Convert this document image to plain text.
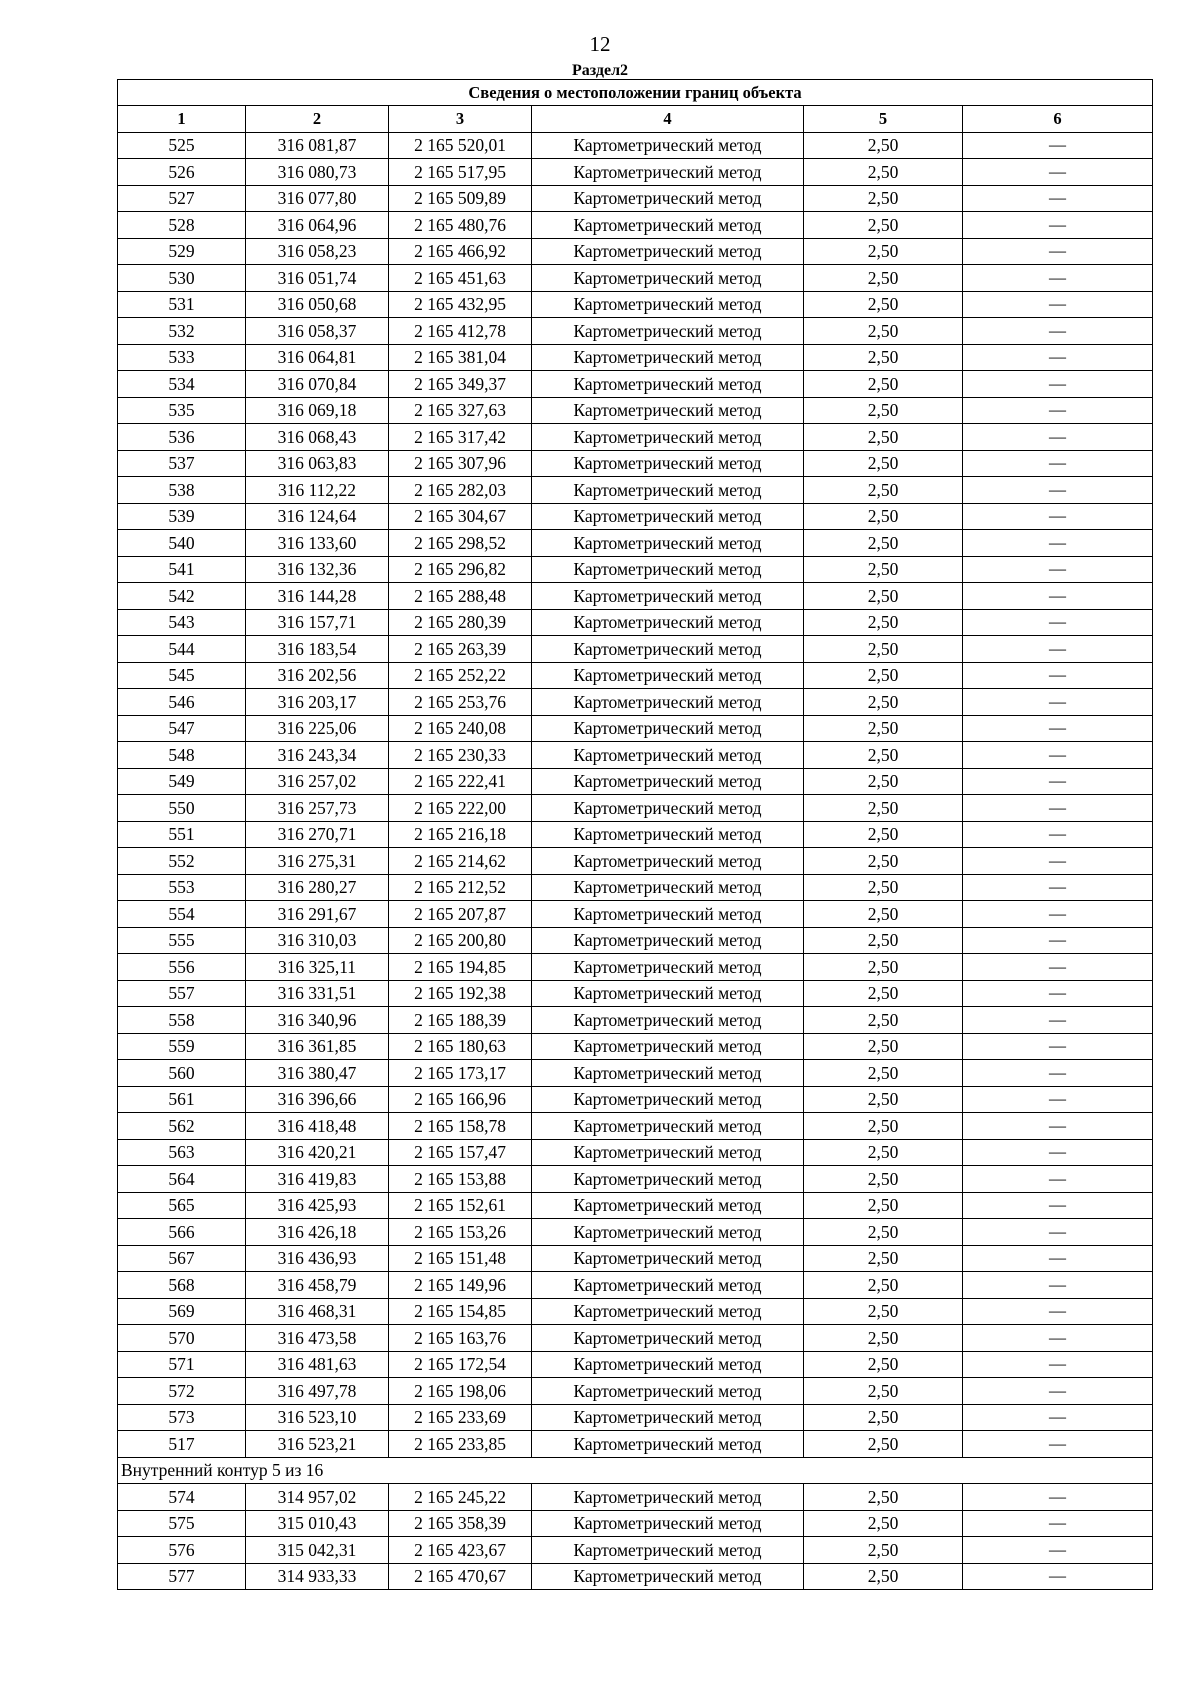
12
Раздел2
Сведения о местоположении границ объекта					
1	2	3	4	5	6
525	316 081,87	2 165 520,01	Картометрический метод	2,50	—
526	316 080,73	2 165 517,95	Картометрический метод	2,50	—
527	316 077,80	2 165 509,89	Картометрический метод	2,50	—
528	316 064,96	2 165 480,76	Картометрический метод	2,50	—
529	316 058,23	2 165 466,92	Картометрический метод	2,50	—
530	316 051,74	2 165 451,63	Картометрический метод	2,50	—
531	316 050,68	2 165 432,95	Картометрический метод	2,50	—
532	316 058,37	2 165 412,78	Картометрический метод	2,50	—
533	316 064,81	2 165 381,04	Картометрический метод	2,50	—
534	316 070,84	2 165 349,37	Картометрический метод	2,50	—
535	316 069,18	2 165 327,63	Картометрический метод	2,50	—
536	316 068,43	2 165 317,42	Картометрический метод	2,50	—
537	316 063,83	2 165 307,96	Картометрический метод	2,50	—
538	316 112,22	2 165 282,03	Картометрический метод	2,50	—
539	316 124,64	2 165 304,67	Картометрический метод	2,50	—
540	316 133,60	2 165 298,52	Картометрический метод	2,50	—
541	316 132,36	2 165 296,82	Картометрический метод	2,50	—
542	316 144,28	2 165 288,48	Картометрический метод	2,50	—
543	316 157,71	2 165 280,39	Картометрический метод	2,50	—
544	316 183,54	2 165 263,39	Картометрический метод	2,50	—
545	316 202,56	2 165 252,22	Картометрический метод	2,50	—
546	316 203,17	2 165 253,76	Картометрический метод	2,50	—
547	316 225,06	2 165 240,08	Картометрический метод	2,50	—
548	316 243,34	2 165 230,33	Картометрический метод	2,50	—
549	316 257,02	2 165 222,41	Картометрический метод	2,50	—
550	316 257,73	2 165 222,00	Картометрический метод	2,50	—
551	316 270,71	2 165 216,18	Картометрический метод	2,50	—
552	316 275,31	2 165 214,62	Картометрический метод	2,50	—
553	316 280,27	2 165 212,52	Картометрический метод	2,50	—
554	316 291,67	2 165 207,87	Картометрический метод	2,50	—
555	316 310,03	2 165 200,80	Картометрический метод	2,50	—
556	316 325,11	2 165 194,85	Картометрический метод	2,50	—
557	316 331,51	2 165 192,38	Картометрический метод	2,50	—
558	316 340,96	2 165 188,39	Картометрический метод	2,50	—
559	316 361,85	2 165 180,63	Картометрический метод	2,50	—
560	316 380,47	2 165 173,17	Картометрический метод	2,50	—
561	316 396,66	2 165 166,96	Картометрический метод	2,50	—
562	316 418,48	2 165 158,78	Картометрический метод	2,50	—
563	316 420,21	2 165 157,47	Картометрический метод	2,50	—
564	316 419,83	2 165 153,88	Картометрический метод	2,50	—
565	316 425,93	2 165 152,61	Картометрический метод	2,50	—
566	316 426,18	2 165 153,26	Картометрический метод	2,50	—
567	316 436,93	2 165 151,48	Картометрический метод	2,50	—
568	316 458,79	2 165 149,96	Картометрический метод	2,50	—
569	316 468,31	2 165 154,85	Картометрический метод	2,50	—
570	316 473,58	2 165 163,76	Картометрический метод	2,50	—
571	316 481,63	2 165 172,54	Картометрический метод	2,50	—
572	316 497,78	2 165 198,06	Картометрический метод	2,50	—
573	316 523,10	2 165 233,69	Картометрический метод	2,50	—
517	316 523,21	2 165 233,85	Картометрический метод	2,50	—
Внутренний контур 5 из 16					
574	314 957,02	2 165 245,22	Картометрический метод	2,50	—
575	315 010,43	2 165 358,39	Картометрический метод	2,50	—
576	315 042,31	2 165 423,67	Картометрический метод	2,50	—
577	314 933,33	2 165 470,67	Картометрический метод	2,50	—
